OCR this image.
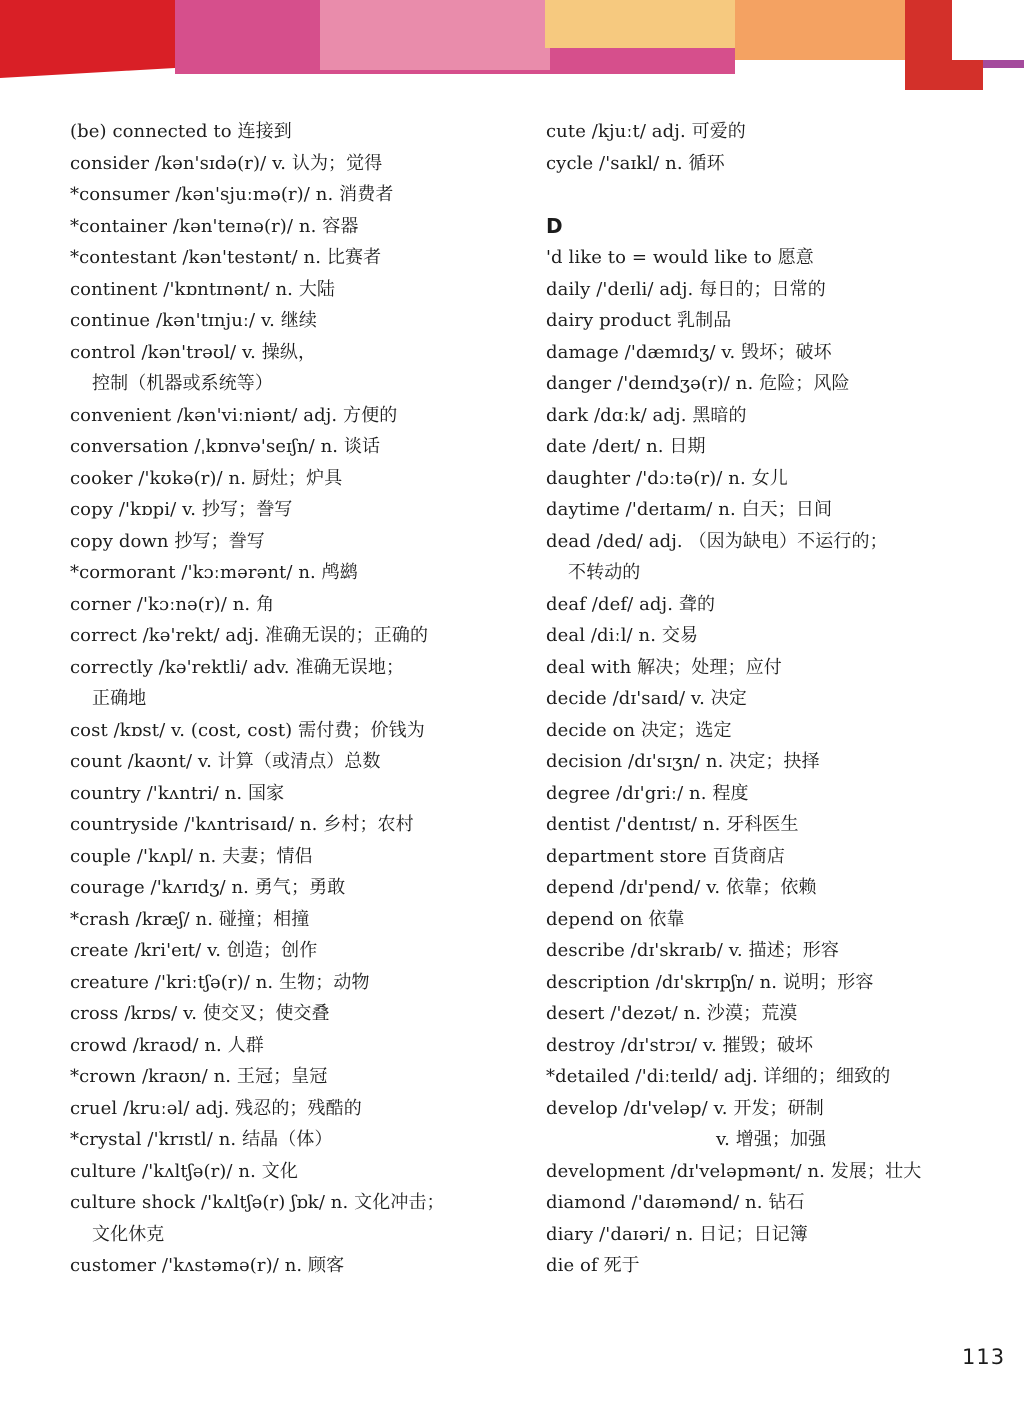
(be) connected to 连接到
consider /kən'sɪdə(r)/ v. 认为；觉得
*consumer /kən'sjuːmə(r)/ n. 消费者
*container /kən'teɪnə(r)/ n. 容器
*contestant /kən'testənt/ n. 比赛者
continent /'kɒntɪnənt/ n. 大陆
continue /kən'tɪnjuː/ v. 继续
control /kən'trəʊl/ v. 操纵，
控制（机器或系统等）
convenient /kən'viːniənt/ adj. 方便的
conversation /ˌkɒnvə'seɪʃn/ n. 谈话
cooker /'kʊkə(r)/ n. 厨灶；炉具
copy /'kɒpi/ v. 抄写；誊写
copy down 抄写；誊写
*cormorant /'kɔːmərənt/ n. 鸬鹚
corner /'kɔːnə(r)/ n. 角
correct /kə'rekt/ adj. 准确无误的；正确的
correctly /kə'rektli/ adv. 准确无误地；
正确地
cost /kɒst/ v. (cost, cost) 需付费；价钱为
count /kaʊnt/ v. 计算（或清点）总数
country /'kʌntri/ n. 国家
countryside /'kʌntrisaɪd/ n. 乡村；农村
couple /'kʌpl/ n. 夫妻；情侣
courage /'kʌrɪdʒ/ n. 勇气；勇敢
*crash /kræʃ/ n. 碰撞；相撞
create /kri'eɪt/ v. 创造；创作
creature /'kriːtʃə(r)/ n. 生物；动物
cross /krɒs/ v. 使交叉；使交叠
crowd /kraʊd/ n. 人群
*crown /kraʊn/ n. 王冠；皇冠
cruel /kruːəl/ adj. 残忍的；残酷的
*crystal /'krɪstl/ n. 结晶（体）
culture /'kʌltʃə(r)/ n. 文化
culture shock /'kʌltʃə(r) ʃɒk/ n. 文化冲击；
文化休克
customer /'kʌstəmə(r)/ n. 顾客
cute /kjuːt/ adj. 可爱的
cycle /'saɪkl/ n. 循环
D
'd like to = would like to 愿意
daily /'deɪli/ adj. 每日的；日常的
dairy product 乳制品
damage /'dæmɪdʒ/ v. 毁坏；破坏
danger /'deɪndʒə(r)/ n. 危险；风险
dark /dɑːk/ adj. 黑暗的
date /deɪt/ n. 日期
daughter /'dɔːtə(r)/ n. 女儿
daytime /'deɪtaɪm/ n. 白天；日间
dead /ded/ adj. （因为缺电）不运行的；
不转动的
deaf /def/ adj. 聋的
deal /diːl/ n. 交易
deal with 解决；处理；应付
decide /dɪ'saɪd/ v. 决定
decide on 决定；选定
decision /dɪ'sɪʒn/ n. 决定；抉择
degree /dɪ'griː/ n. 程度
dentist /'dentɪst/ n. 牙科医生
department store 百货商店
depend /dɪ'pend/ v. 依靠；依赖
depend on 依靠
describe /dɪ'skraɪb/ v. 描述；形容
description /dɪ'skrɪpʃn/ n. 说明；形容
desert /'dezət/ n. 沙漠；荒漠
destroy /dɪ'strɔɪ/ v. 摧毁；破坏
*detailed /'diːteɪld/ adj. 详细的；细致的
develop /dɪ'veləp/ v. 开发；研制
v. 增强；加强
development /dɪ'veləpmənt/ n. 发展；壮大
diamond /'daɪəmənd/ n. 钻石
diary /'daɪəri/ n. 日记；日记簿
die of 死于
113
